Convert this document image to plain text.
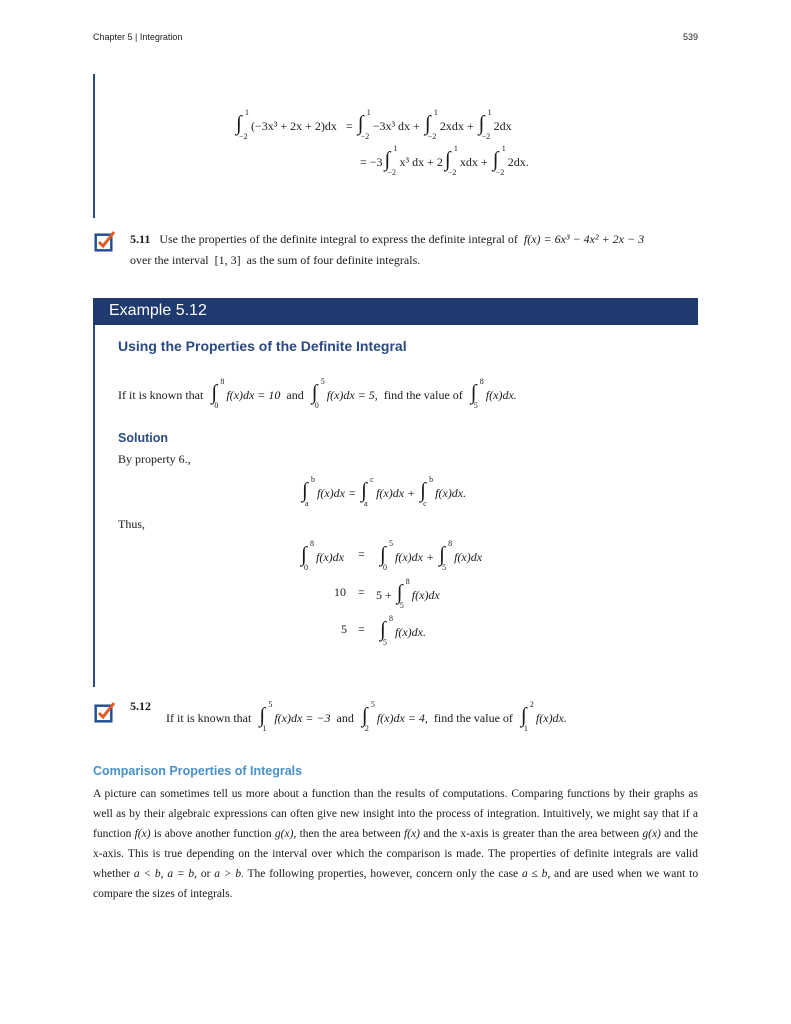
Chapter 5 | Integration	539
∫ 1
−2
(−3x³ + 2x + 2)dx   = ∫ 1
−2
−3x³ dx + ∫ 1
−2
2xdx + ∫ 1
−2
2dx
= −3 ∫ 1
−2
x³ dx + 2 ∫ 1
−2
xdx + ∫ 1
−2
2dx.
5.11 Use the properties of the definite integral to express the definite integral of f(x) = 6x³ − 4x² + 2x − 3
over the interval [1, 3] as the sum of four definite integrals.
Example 5.12
Using the Properties of the Definite Integral
If it is known that ∫ 8
0
f(x)dx = 10 and ∫ 5
0
f(x)dx = 5, find the value of ∫ 8
5
f(x)dx.
Solution
By property 6.,
∫ b
a
f(x)dx = ∫ c
a
f(x)dx + ∫ b
c
f(x)dx.
Thus,
∫ 8
0
f(x)dx = ∫ 5
0
f(x)dx + ∫ 8
5
f(x)dx
10 = 5 + ∫ 8
5
f(x)dx
5 = ∫ 8
5
f(x)dx.
5.12
If it is known that ∫ 5
1
f(x)dx = −3 and ∫ 5
2
f(x)dx = 4, find the value of ∫ 2
1
f(x)dx.
Comparison Properties of Integrals
A picture can sometimes tell us more about a function than the results of computations. Comparing functions by their graphs as well as by their algebraic expressions can often give new insight into the process of integration. Intuitively, we might say that if a function f(x) is above another function g(x), then the area between f(x) and the x-axis is greater than the area between g(x) and the x-axis. This is true depending on the interval over which the comparison is made. The properties of definite integrals are valid whether a < b, a = b, or a > b. The following properties, however, concern only the case a ≤ b, and are used when we want to compare the sizes of integrals.
